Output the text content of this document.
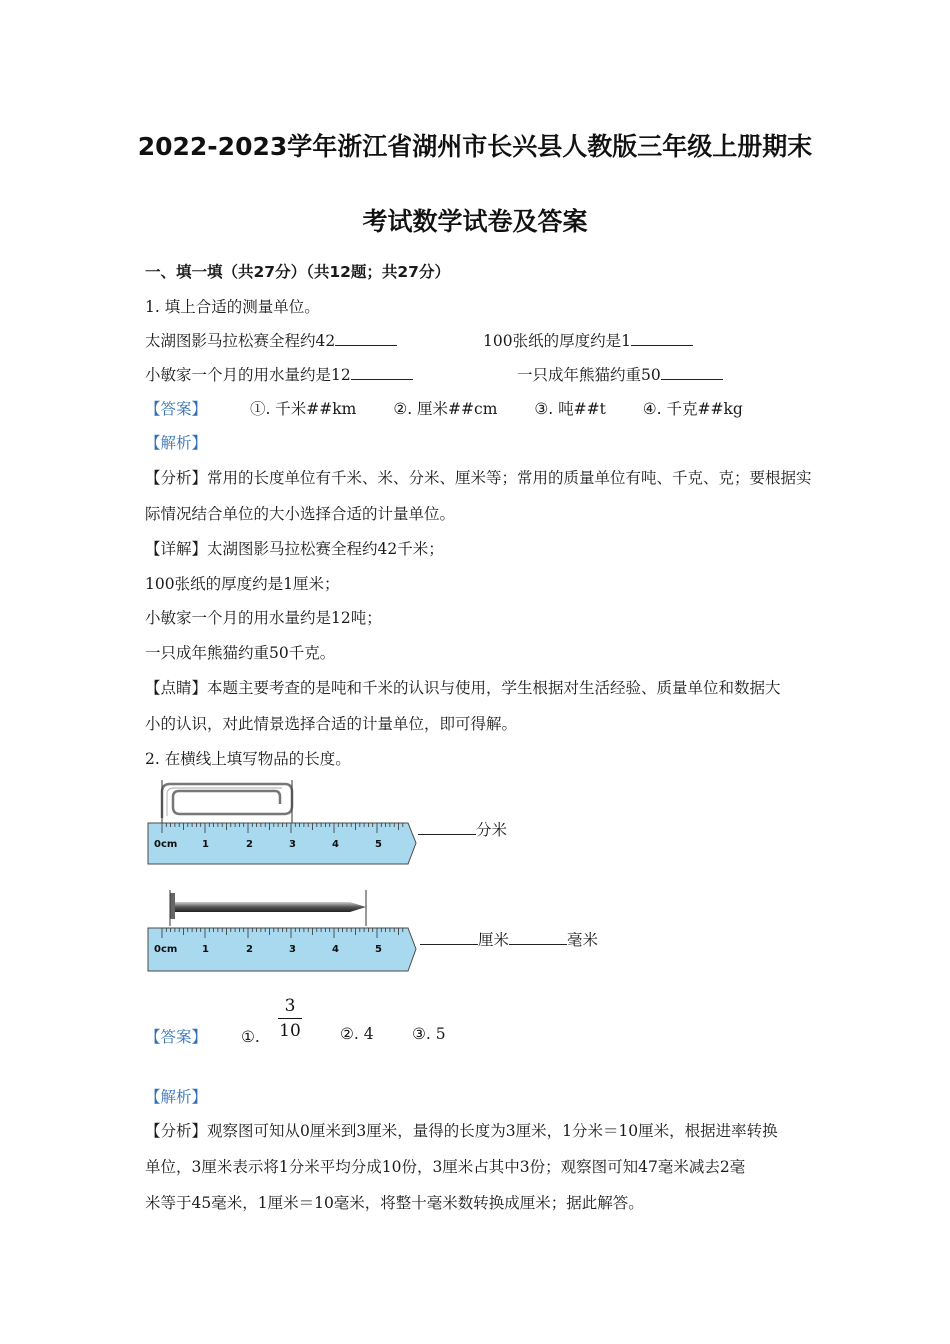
2022-2023学年浙江省湖州市长兴县人教版三年级上册期末
考试数学试卷及答案
一、填一填（共27分）（共12题；共27分）
1. 填上合适的测量单位。
太湖图影马拉松赛全程约42	100张纸的厚度约是1
小敏家一个月的用水量约是12	一只成年熊猫约重50
【答案】	①. 千米##km ②. 厘米##cm ③. 吨##t ④. 千克##kg
【解析】
【分析】常用的长度单位有千米、米、分米、厘米等；常用的质量单位有吨、千克、克；要根据实
际情况结合单位的大小选择合适的计量单位。
【详解】太湖图影马拉松赛全程约42千米；
100张纸的厚度约是1厘米；
小敏家一个月的用水量约是12吨；
一只成年熊猫约重50千克。
【点睛】本题主要考查的是吨和千米的认识与使用，学生根据对生活经验、质量单位和数据大
小的认识，对此情景选择合适的计量单位，即可得解。
2. 在横线上填写物品的长度。
0cm 1	2	3	4	5
分米
0cm 1	2	3	4	5
厘米	毫米
【答案】 ①.
3
10	②. 4 ③. 5
【解析】
【分析】观察图可知从0厘米到3厘米，量得的长度为3厘米，1分米＝10厘米，根据进率转换
单位，3厘米表示将1分米平均分成10份，3厘米占其中3份；观察图可知47毫米减去2毫
米等于45毫米，1厘米＝10毫米，将整十毫米数转换成厘米；据此解答。
